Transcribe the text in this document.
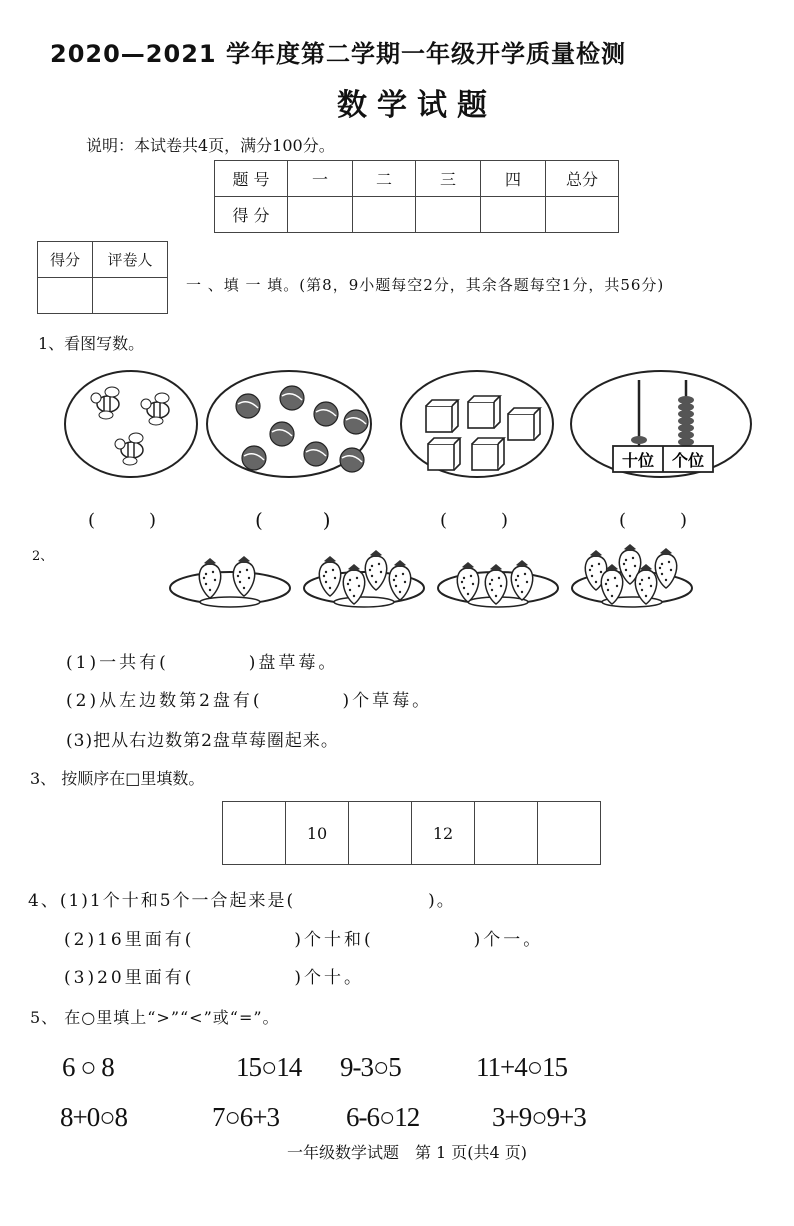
2020—2021 学年度第二学期一年级开学质量检测
数学试题
说明：本试卷共4页，满分100分。
题 号	一	二	三	四	总分
得 分					
得分	评卷人

一 、填 一 填。(第8，9小题每空2分，其余各题每空1分，共56分)
1、看图写数。
十位 个位
(　　　)	(　　　)	(　　　)	(　　　)
2、
(1)一共有(　　　　)盘草莓。
(2)从左边数第2盘有(　　　　)个草莓。
(3)把从右边数第2盘草莓圈起来。
3、 按顺序在□里填数。
	10		12		
4、(1)1个十和5个一合起来是(　　　　　　　)。
(2)16里面有(　　　　　)个十和(　　　　　)个一。
(3)20里面有(　　　　　)个十。
5、 在○里填上“>”“<”或“=”。
6 ○ 8	15○14 9-3○5	11+4○15
8+0○8	7○6+3 6-6○12	3+9○9+3
一年级数学试题　第 1 页(共4 页)
